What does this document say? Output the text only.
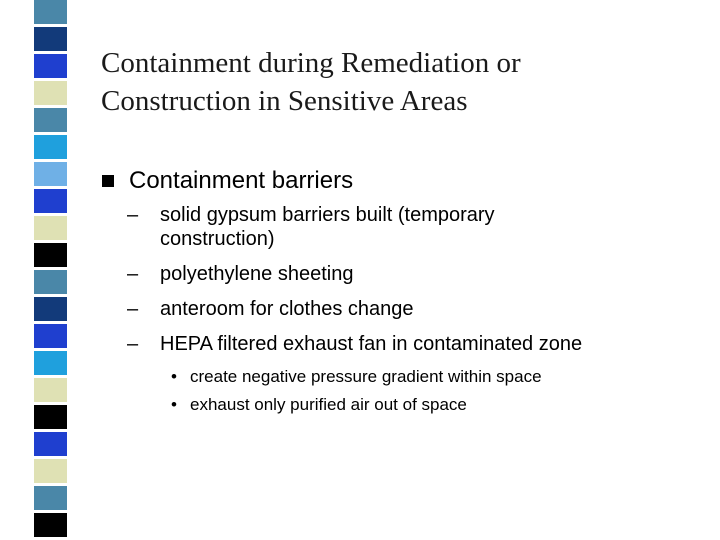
Containment during Remediation or
Construction in Sensitive Areas
Containment barriers
– solid gypsum barriers built (temporary
construction)
– polyethylene sheeting
– anteroom for clothes change
– HEPA filtered exhaust fan in contaminated zone
• create negative pressure gradient within space
• exhaust only purified air out of space
